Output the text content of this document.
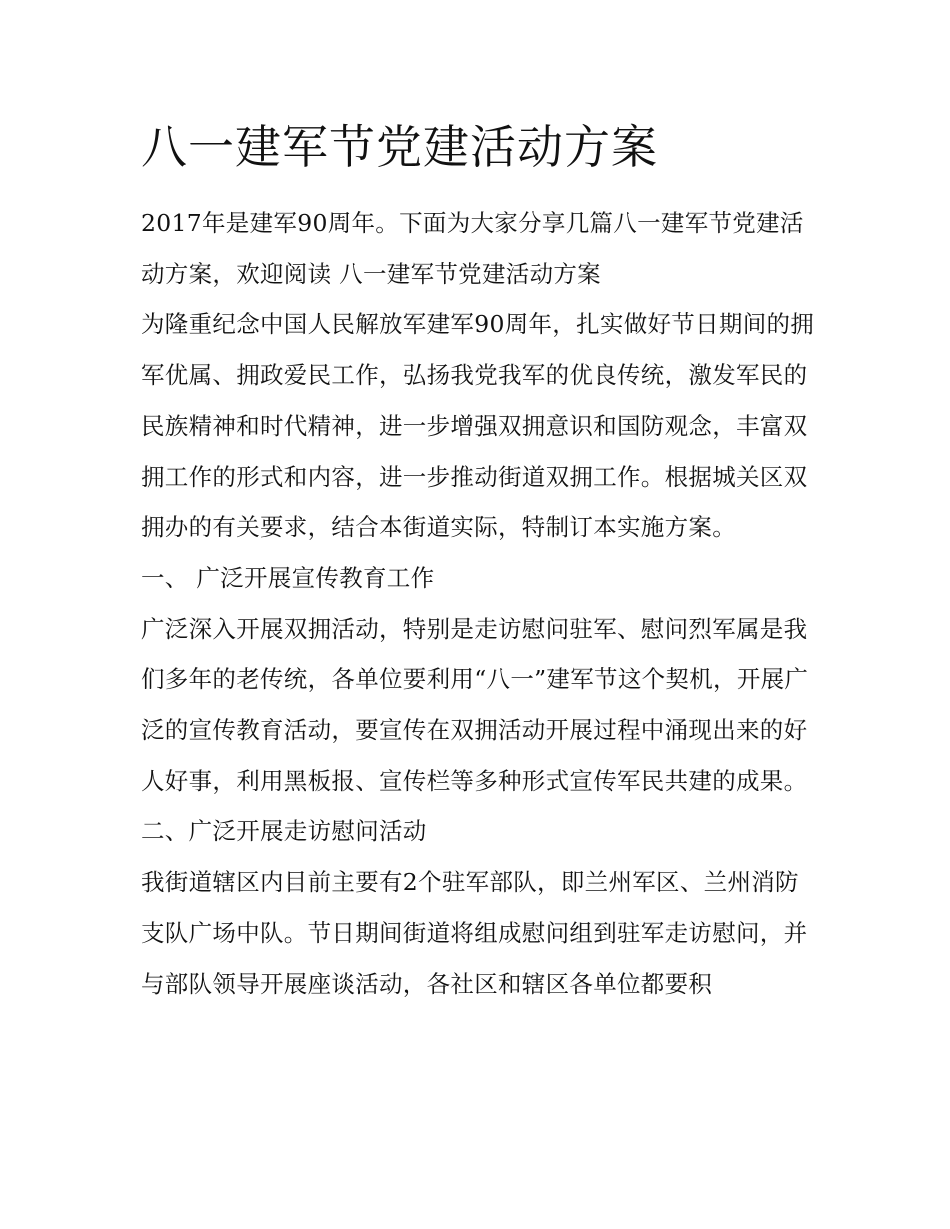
八一建军节党建活动方案

2017年是建军90周年。下面为大家分享几篇八一建军节党建活动方案，欢迎阅读 八一建军节党建活动方案

为隆重纪念中国人民解放军建军90周年，扎实做好节日期间的拥军优属、拥政爱民工作，弘扬我党我军的优良传统，激发军民的民族精神和时代精神，进一步增强双拥意识和国防观念，丰富双拥工作的形式和内容，进一步推动街道双拥工作。根据城关区双拥办的有关要求，结合本街道实际，特制订本实施方案。

一、 广泛开展宣传教育工作

广泛深入开展双拥活动，特别是走访慰问驻军、慰问烈军属是我们多年的老传统，各单位要利用“八一”建军节这个契机，开展广泛的宣传教育活动，要宣传在双拥活动开展过程中涌现出来的好人好事，利用黑板报、宣传栏等多种形式宣传军民共建的成果。

二、广泛开展走访慰问活动

我街道辖区内目前主要有2个驻军部队，即兰州军区、兰州消防支队广场中队。节日期间街道将组成慰问组到驻军走访慰问，并与部队领导开展座谈活动，各社区和辖区各单位都要积
